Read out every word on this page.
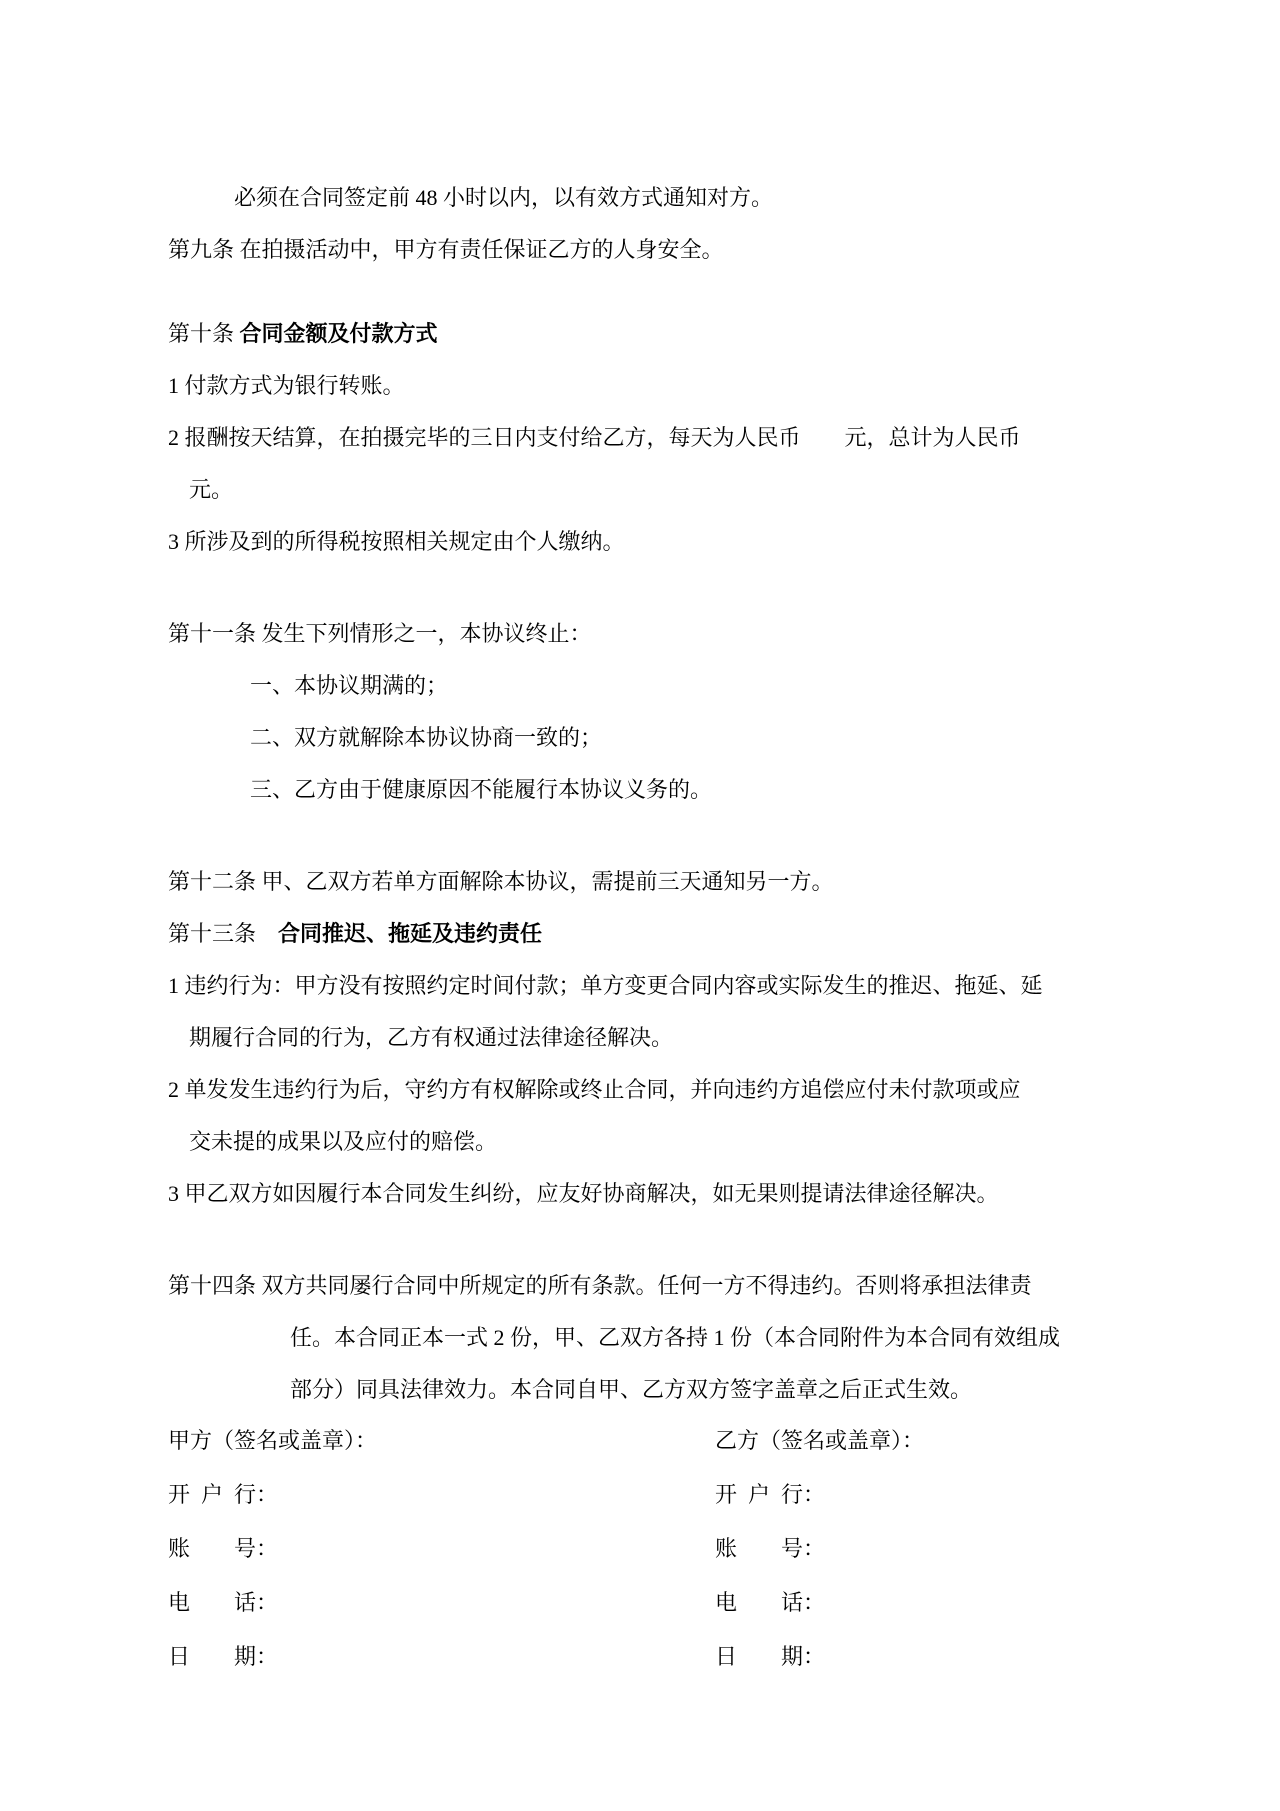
必须在合同签定前 48 小时以内，以有效方式通知对方。

第九条 在拍摄活动中，甲方有责任保证乙方的人身安全。

第十条 合同金额及付款方式

1 付款方式为银行转账。

2 报酬按天结算，在拍摄完毕的三日内支付给乙方，每天为人民币　　元，总计为人民币

元。

3 所涉及到的所得税按照相关规定由个人缴纳。

第十一条 发生下列情形之一，本协议终止：

一、本协议期满的；

二、双方就解除本协议协商一致的；

三、乙方由于健康原因不能履行本协议义务的。

第十二条 甲、乙双方若单方面解除本协议，需提前三天通知另一方。

第十三条　合同推迟、拖延及违约责任

1 违约行为：甲方没有按照约定时间付款；单方变更合同内容或实际发生的推迟、拖延、延

期履行合同的行为，乙方有权通过法律途径解决。

2 单发发生违约行为后，守约方有权解除或终止合同，并向违约方追偿应付未付款项或应

交未提的成果以及应付的赔偿。

3 甲乙双方如因履行本合同发生纠纷，应友好协商解决，如无果则提请法律途径解决。

第十四条 双方共同屡行合同中所规定的所有条款。任何一方不得违约。否则将承担法律责

任。本合同正本一式 2 份，甲、乙双方各持 1 份（本合同附件为本合同有效组成

部分）同具法律效力。本合同自甲、乙方双方签字盖章之后正式生效。

甲方（签名或盖章）：	乙方（签名或盖章）：

开 户 行：	开 户 行：

账　　号：	账　　号：

电　　话：	电　　话：

日　　期：	日　　期：
